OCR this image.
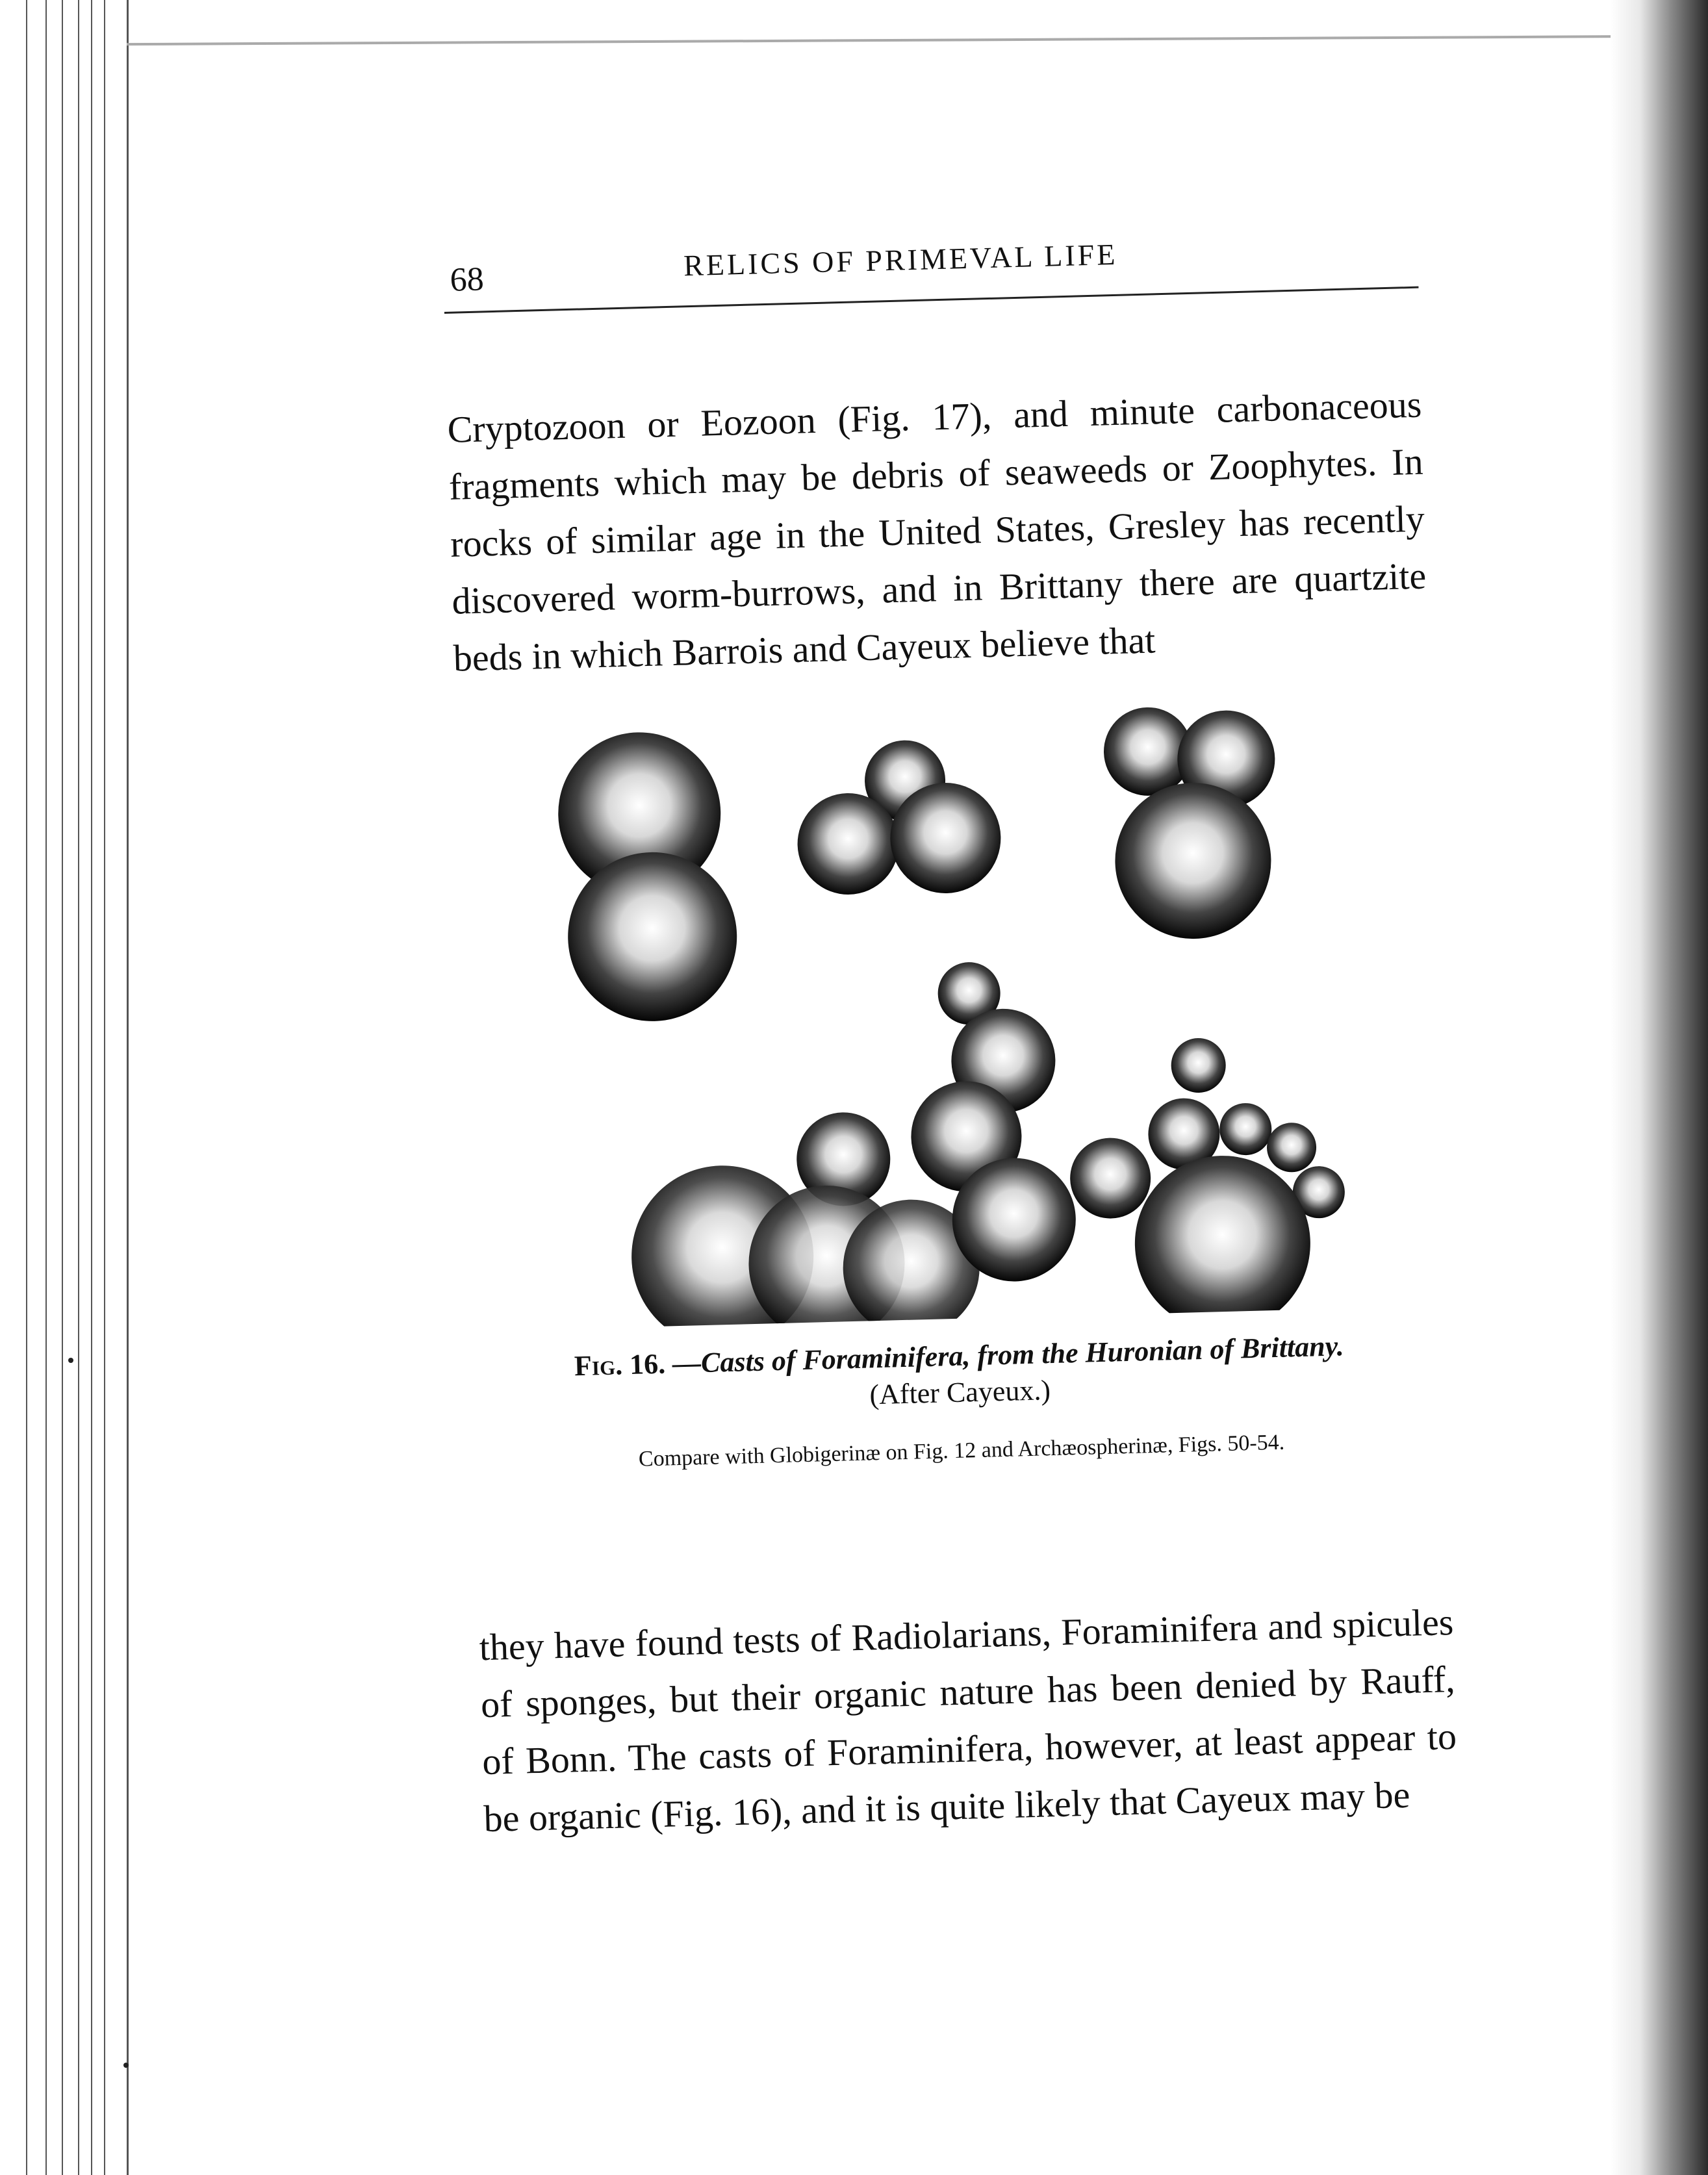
68	RELICS OF PRIMEVAL LIFE

Cryptozoon or Eozoon (Fig. 17), and minute carbonaceous fragments which may be debris of seaweeds or Zoophytes. In rocks of similar age in the United States, Gresley has recently discovered worm-burrows, and in Brittany there are quartzite beds in which Barrois and Cayeux believe that

Fig. 16. —Casts of Foraminifera, from the Huronian of Brittany.
(After Cayeux.)
Compare with Globigerinæ on Fig. 12 and Archæospherinæ, Figs. 50-54.

they have found tests of Radiolarians, Foraminifera and spicules of sponges, but their organic nature has been denied by Rauff, of Bonn. The casts of Foraminifera, however, at least appear to be organic (Fig. 16), and it is quite likely that Cayeux may be
